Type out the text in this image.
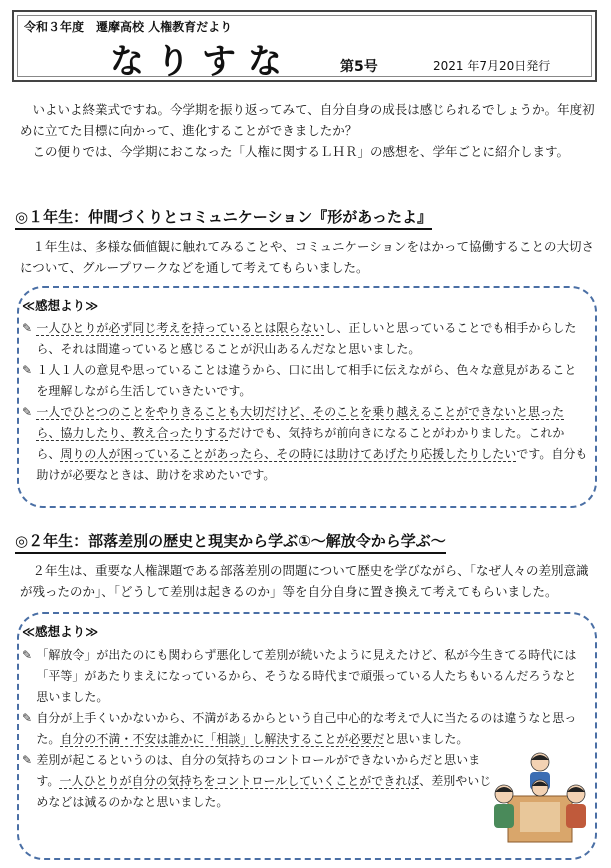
令和３年度　遷摩高校 人権教育だより
なりすな	第5号	2021 年7月20日発行

いよいよ終業式ですね。今学期を振り返ってみて、自分自身の成長は感じられるでしょうか。年度初めに立てた目標に向かって、進化することができましたか？

この便りでは、今学期におこなった「人権に関するＬＨＲ」の感想を、学年ごとに紹介します。

◎１年生：仲間づくりとコミュニケーション『形があったよ』

１年生は、多様な価値観に触れてみることや、コミュニケーションをはかって協働することの大切さについて、グループワークなどを通して考えてもらいました。

≪感想より≫
✎ 一人ひとりが必ず同じ考えを持っているとは限らないし、正しいと思っていることでも相手からしたら、それは間違っていると感じることが沢山あるんだなと思いました。
✎ １人１人の意見や思っていることは違うから、口に出して相手に伝えながら、色々な意見があることを理解しながら生活していきたいです。
✎ 一人でひとつのことをやりきることも大切だけど、そのことを乗り越えることができないと思ったら、協力したり、教え合ったりするだけでも、気持ちが前向きになることがわかりました。これから、周りの人が困っていることがあったら、その時には助けてあげたり応援したりしたいです。自分も助けが必要なときは、助けを求めたいです。
◎２年生：部落差別の歴史と現実から学ぶ①～解放令から学ぶ～

２年生は、重要な人権課題である部落差別の問題について歴史を学びながら、「なぜ人々の差別意識が残ったのか」、「どうして差別は起きるのか」等を自分自身に置き換えて考えてもらいました。

≪感想より≫
✎ 「解放令」が出たのにも関わらず悪化して差別が続いたように見えたけど、私が今生きてる時代には「平等」があたりまえになっているから、そうなる時代まで頑張っている人たちもいるんだろうなと思いました。
✎ 自分が上手くいかないから、不満があるからという自己中心的な考えで人に当たるのは違うなと思った。自分の不満・不安は誰かに「相談」し解決することが必要だと思いました。
✎ 差別が起こるというのは、自分の気持ちのコントロールができないからだと思います。一人ひとりが自分の気持ちをコントロールしていくことができれば、差別やいじめなどは減るのかなと思いました。
